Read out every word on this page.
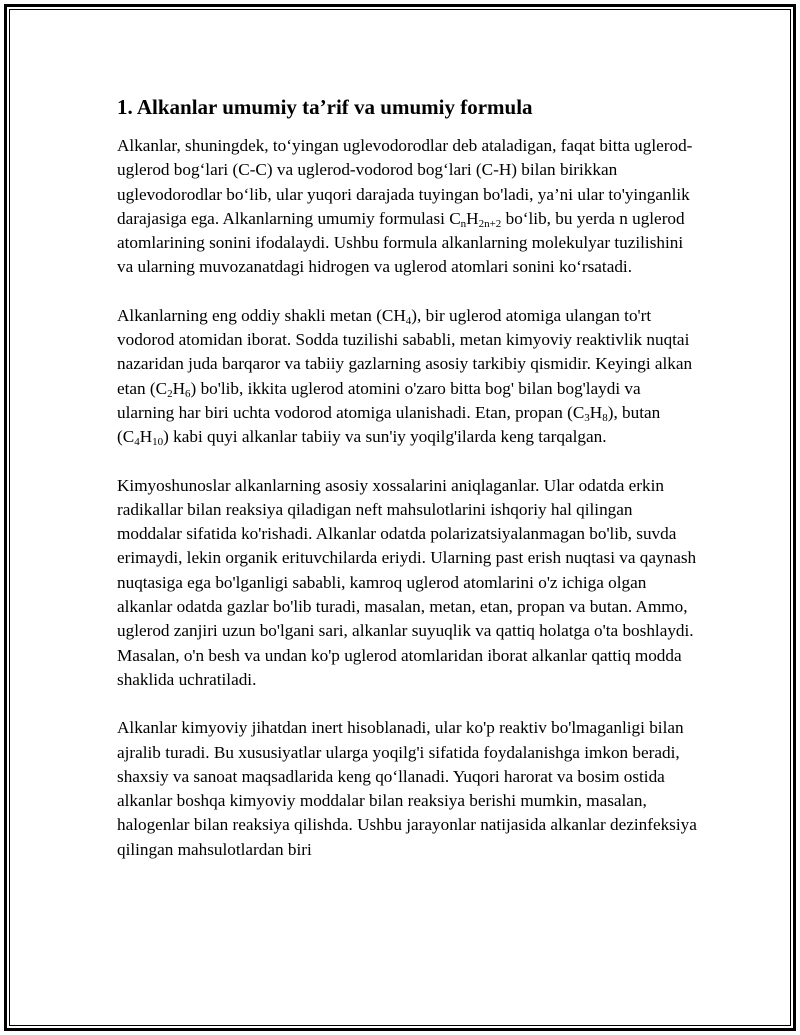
1. Alkanlar umumiy ta’rif va umumiy formula

Alkanlar, shuningdek, to‘yingan uglevodorodlar deb ataladigan, faqat bitta uglerod-uglerod bog‘lari (C-C) va uglerod-vodorod bog‘lari (C-H) bilan birikkan uglevodorodlar bo‘lib, ular yuqori darajada tuyingan bo'ladi, ya’ni ular to'yinganlik darajasiga ega. Alkanlarning umumiy formulasi $C_nH_{2n+2}$ bo‘lib, bu yerda n uglerod atomlarining sonini ifodalaydi. Ushbu formula alkanlarning molekulyar tuzilishini va ularning muvozanatdagi hidrogen va uglerod atomlari sonini ko‘rsatadi.

Alkanlarning eng oddiy shakli metan $(CH_4)$, bir uglerod atomiga ulangan to'rt vodorod atomidan iborat. Sodda tuzilishi sababli, metan kimyoviy reaktivlik nuqtai nazaridan juda barqaror va tabiiy gazlarning asosiy tarkibiy qismidir. Keyingi alkan etan $(C_2H_6)$ bo'lib, ikkita uglerod atomini o'zaro bitta bog' bilan bog'laydi va ularning har biri uchta vodorod atomiga ulanishadi. Etan, propan $(C_3H_8)$, butan $(C_4H_{10})$ kabi quyi alkanlar tabiiy va sun'iy yoqilg'ilarda keng tarqalgan.

Kimyoshunoslar alkanlarning asosiy xossalarini aniqlaganlar. Ular odatda erkin radikallar bilan reaksiya qiladigan neft mahsulotlarini ishqoriy hal qilingan moddalar sifatida ko'rishadi. Alkanlar odatda polarizatsiyalanmagan bo'lib, suvda erimaydi, lekin organik erituvchilarda eriydi. Ularning past erish nuqtasi va qaynash nuqtasiga ega bo'lganligi sababli, kamroq uglerod atomlarini o'z ichiga olgan alkanlar odatda gazlar bo'lib turadi, masalan, metan, etan, propan va butan. Ammo, uglerod zanjiri uzun bo'lgani sari, alkanlar suyuqlik va qattiq holatga o'ta boshlaydi. Masalan, o'n besh va undan ko'p uglerod atomlaridan iborat alkanlar qattiq modda shaklida uchratiladi.

Alkanlar kimyoviy jihatdan inert hisoblanadi, ular ko'p reaktiv bo'lmaganligi bilan ajralib turadi. Bu xususiyatlar ularga yoqilg'i sifatida foydalanishga imkon beradi, shaxsiy va sanoat maqsadlarida keng qo‘llanadi. Yuqori harorat va bosim ostida alkanlar boshqa kimyoviy moddalar bilan reaksiya berishi mumkin, masalan, halogenlar bilan reaksiya qilishda. Ushbu jarayonlar natijasida alkanlar dezinfeksiya qilingan mahsulotlardan biri
